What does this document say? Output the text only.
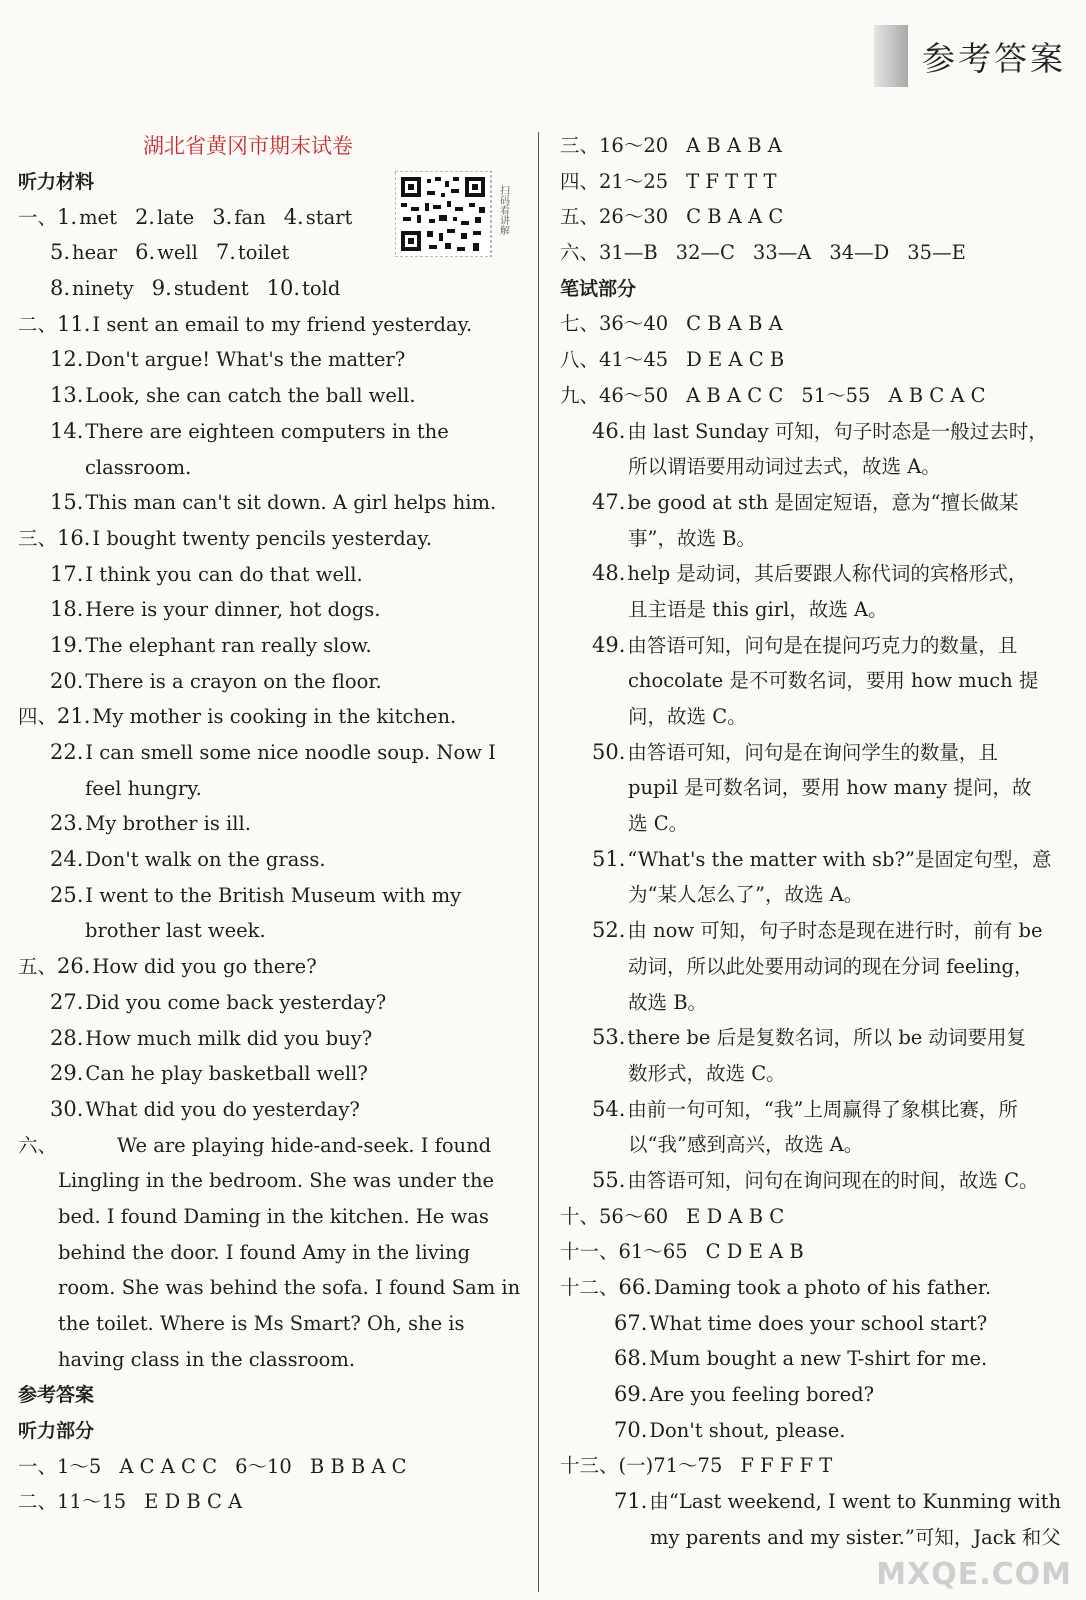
参考答案
湖北省黄冈市期末试卷
扫码看讲解
听力材料
一、1. met 2. late 3. fan 4. start
5. hear 6. well 7. toilet
8. ninety 9. student 10. told
二、11. I sent an email to my friend yesterday.
12. Don't argue! What's the matter?
13. Look, she can catch the ball well.
14. There are eighteen computers in the
classroom.
15. This man can't sit down. A girl helps him.
三、16. I bought twenty pencils yesterday.
17. I think you can do that well.
18. Here is your dinner, hot dogs.
19. The elephant ran really slow.
20. There is a crayon on the floor.
四、21. My mother is cooking in the kitchen.
22. I can smell some nice noodle soup. Now I
feel hungry.
23. My brother is ill.
24. Don't walk on the grass.
25. I went to the British Museum with my
brother last week.
五、26. How did you go there?
27. Did you come back yesterday?
28. How much milk did you buy?
29. Can he play basketball well?
30. What did you do yesterday?
六、	We are playing hide-and-seek. I found
Lingling in the bedroom. She was under the
bed. I found Daming in the kitchen. He was
behind the door. I found Amy in the living
room. She was behind the sofa. I found Sam in
the toilet. Where is Ms Smart? Oh, she is
having class in the classroom.
参考答案
听力部分
一、1～5 A C A C C 6～10 B B B A C
二、11～15 E D B C A
三、16～20 A B A B A
四、21～25 T F T T T
五、26～30 C B A A C
六、31—B 32—C 33—A 34—D 35—E
笔试部分
七、36～40 C B A B A
八、41～45 D E A C B
九、46～50 A B A C C 51～55 A B C A C
46. 由 last Sunday 可知，句子时态是一般过去时，
所以谓语要用动词过去式，故选 A。
47. be good at sth 是固定短语，意为“擅长做某
事”，故选 B。
48. help 是动词，其后要跟人称代词的宾格形式，
且主语是 this girl，故选 A。
49. 由答语可知，问句是在提问巧克力的数量，且
chocolate 是不可数名词，要用 how much 提
问，故选 C。
50. 由答语可知，问句是在询问学生的数量，且
pupil 是可数名词，要用 how many 提问，故
选 C。
51. “What's the matter with sb?”是固定句型，意
为“某人怎么了”，故选 A。
52. 由 now 可知，句子时态是现在进行时，前有 be
动词，所以此处要用动词的现在分词 feeling，
故选 B。
53. there be 后是复数名词，所以 be 动词要用复
数形式，故选 C。
54. 由前一句可知，“我”上周赢得了象棋比赛，所
以“我”感到高兴，故选 A。
55. 由答语可知，问句在询问现在的时间，故选 C。
十、56～60 E D A B C
十一、61～65 C D E A B
十二、66. Daming took a photo of his father.
67. What time does your school start?
68. Mum bought a new T-shirt for me.
69. Are you feeling bored?
70. Don't shout, please.
十三、(一)71～75 F F F F T
71. 由“Last weekend, I went to Kunming with
my parents and my sister.”可知，Jack 和父
MXQE.COM
